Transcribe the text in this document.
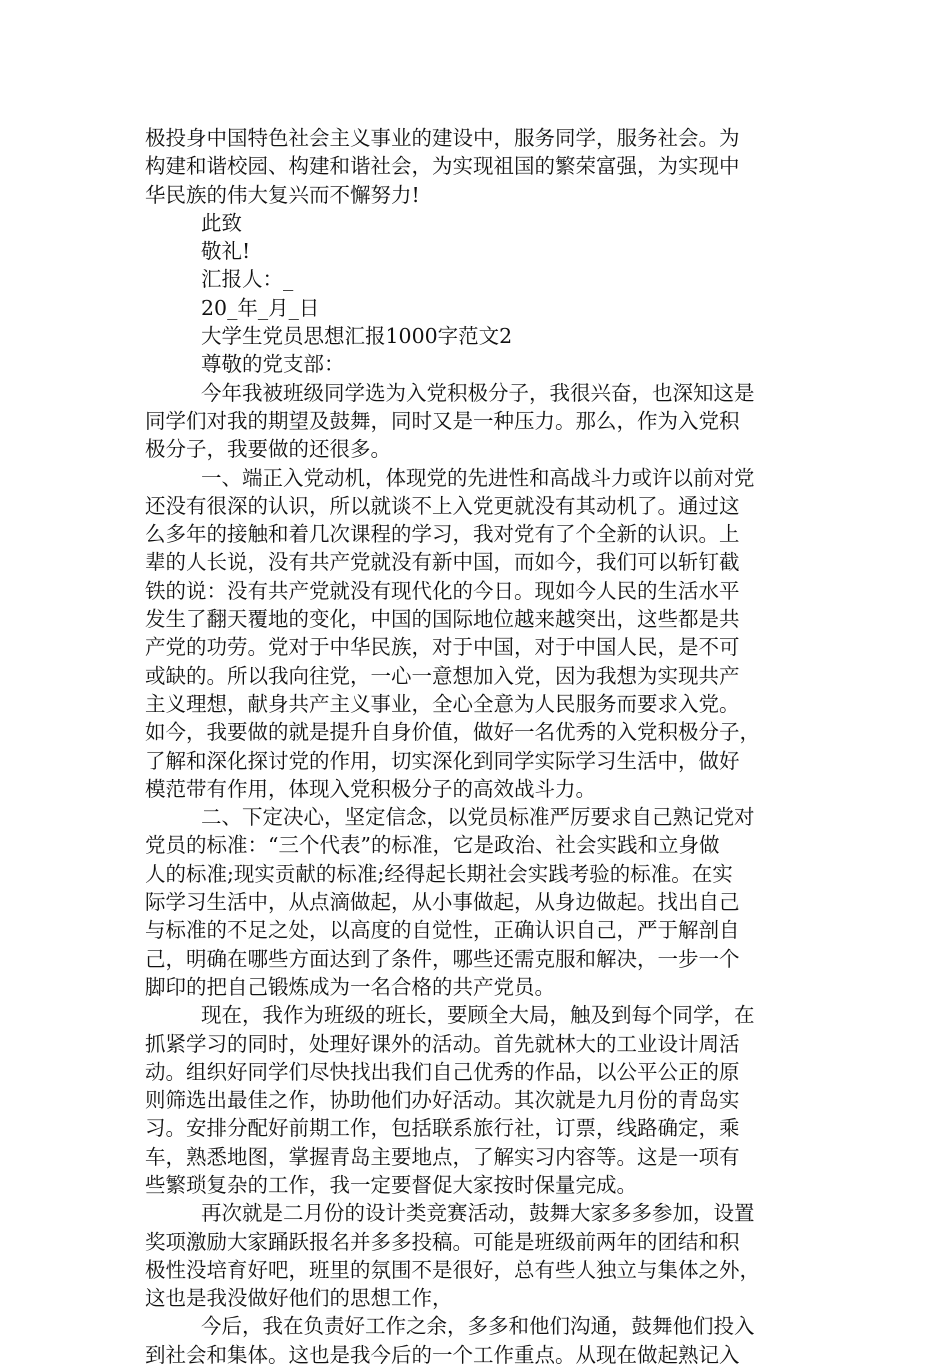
极投身中国特色社会主义事业的建设中，服务同学，服务社会。为
构建和谐校园、构建和谐社会，为实现祖国的繁荣富强，为实现中
华民族的伟大复兴而不懈努力!
此致
敬礼!
汇报人：_
20_年_月_日
大学生党员思想汇报1000字范文2
尊敬的党支部：
今年我被班级同学选为入党积极分子，我很兴奋，也深知这是
同学们对我的期望及鼓舞，同时又是一种压力。那么，作为入党积
极分子，我要做的还很多。
一、端正入党动机，体现党的先进性和高战斗力或许以前对党
还没有很深的认识，所以就谈不上入党更就没有其动机了。通过这
么多年的接触和着几次课程的学习，我对党有了个全新的认识。上
辈的人长说，没有共产党就没有新中国，而如今，我们可以斩钉截
铁的说：没有共产党就没有现代化的今日。现如今人民的生活水平
发生了翻天覆地的变化，中国的国际地位越来越突出，这些都是共
产党的功劳。党对于中华民族，对于中国，对于中国人民，是不可
或缺的。所以我向往党，一心一意想加入党，因为我想为实现共产
主义理想，献身共产主义事业，全心全意为人民服务而要求入党。
如今，我要做的就是提升自身价值，做好一名优秀的入党积极分子，
了解和深化探讨党的作用，切实深化到同学实际学习生活中，做好
模范带有作用，体现入党积极分子的高效战斗力。
二、下定决心，坚定信念，以党员标准严厉要求自己熟记党对
党员的标准：“三个代表”的标准，它是政治、社会实践和立身做
人的标准;现实贡献的标准;经得起长期社会实践考验的标准。在实
际学习生活中，从点滴做起，从小事做起，从身边做起。找出自己
与标准的不足之处，以高度的自觉性，正确认识自己，严于解剖自
己，明确在哪些方面达到了条件，哪些还需克服和解决，一步一个
脚印的把自己锻炼成为一名合格的共产党员。
现在，我作为班级的班长，要顾全大局，触及到每个同学，在
抓紧学习的同时，处理好课外的活动。首先就林大的工业设计周活
动。组织好同学们尽快找出我们自己优秀的作品，以公平公正的原
则筛选出最佳之作，协助他们办好活动。其次就是九月份的青岛实
习。安排分配好前期工作，包括联系旅行社，订票，线路确定，乘
车，熟悉地图，掌握青岛主要地点，了解实习内容等。这是一项有
些繁琐复杂的工作，我一定要督促大家按时保量完成。
再次就是二月份的设计类竞赛活动，鼓舞大家多多参加，设置
奖项激励大家踊跃报名并多多投稿。可能是班级前两年的团结和积
极性没培育好吧，班里的氛围不是很好，总有些人独立与集体之外，
这也是我没做好他们的思想工作，
今后，我在负责好工作之余，多多和他们沟通，鼓舞他们投入
到社会和集体。这也是我今后的一个工作重点。从现在做起熟记入
